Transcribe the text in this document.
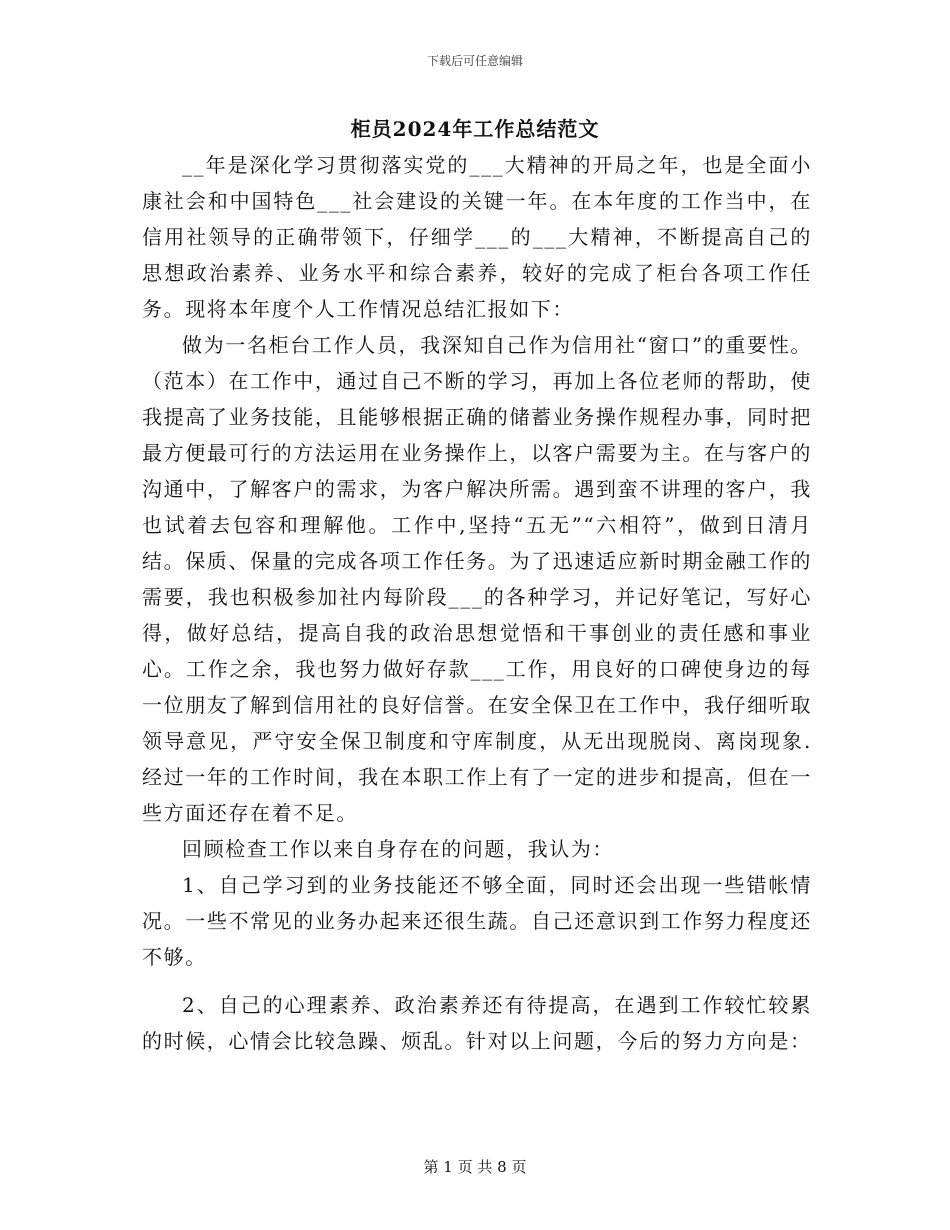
下载后可任意编辑
柜员2024年工作总结范文

__年是深化学习贯彻落实党的___大精神的开局之年，也是全面小康社会和中国特色___社会建设的关键一年。在本年度的工作当中，在信用社领导的正确带领下，仔细学___的___大精神，不断提高自己的思想政治素养、业务水平和综合素养，较好的完成了柜台各项工作任务。现将本年度个人工作情况总结汇报如下：

做为一名柜台工作人员，我深知自己作为信用社“窗口”的重要性。（范本）在工作中，通过自己不断的学习，再加上各位老师的帮助，使我提高了业务技能，且能够根据正确的储蓄业务操作规程办事，同时把最方便最可行的方法运用在业务操作上，以客户需要为主。在与客户的沟通中，了解客户的需求，为客户解决所需。遇到蛮不讲理的客户，我也试着去包容和理解他。工作中,坚持“五无”“六相符”，做到日清月结。保质、保量的完成各项工作任务。为了迅速适应新时期金融工作的需要，我也积极参加社内每阶段___的各种学习，并记好笔记，写好心得，做好总结，提高自我的政治思想觉悟和干事创业的责任感和事业心。工作之余，我也努力做好存款___工作，用良好的口碑使身边的每一位朋友了解到信用社的良好信誉。在安全保卫在工作中，我仔细听取领导意见，严守安全保卫制度和守库制度，从无出现脱岗、离岗现象.经过一年的工作时间，我在本职工作上有了一定的进步和提高，但在一些方面还存在着不足。

回顾检查工作以来自身存在的问题，我认为：

1、自己学习到的业务技能还不够全面，同时还会出现一些错帐情况。一些不常见的业务办起来还很生蔬。自己还意识到工作努力程度还不够。

2、自己的心理素养、政治素养还有待提高，在遇到工作较忙较累的时候，心情会比较急躁、烦乱。针对以上问题，今后的努力方向是：

第 1 页 共 8 页
